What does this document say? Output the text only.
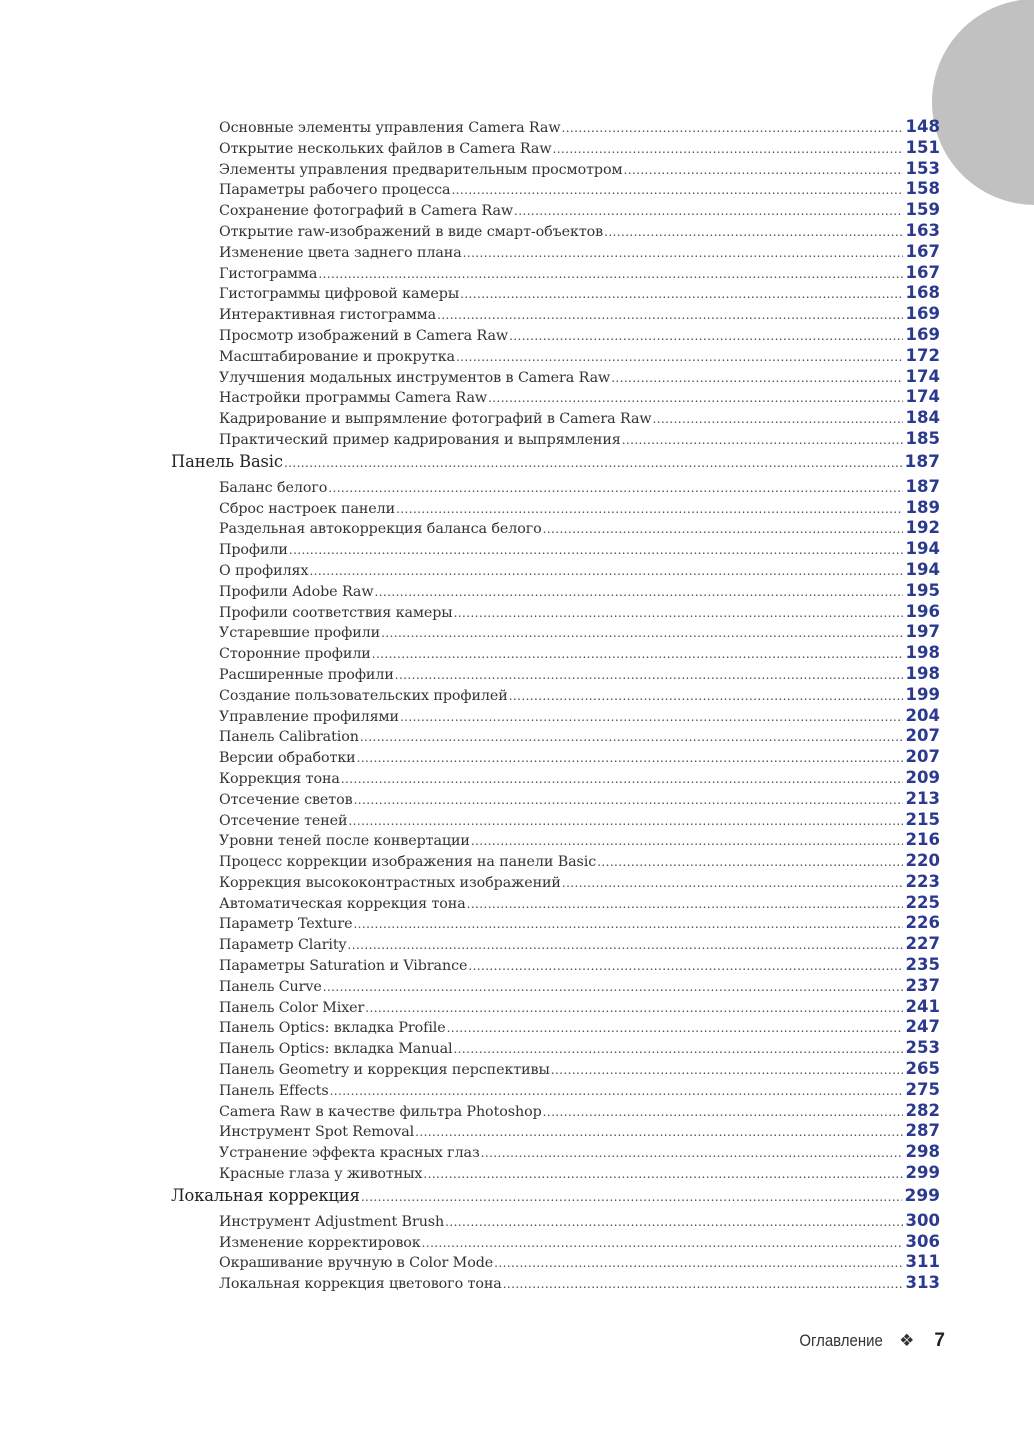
Основные элементы управления Camera Raw .....	148
Открытие нескольких файлов в Camera Raw .....	151
Элементы управления предварительным просмотром .....	153
Параметры рабочего процесса .....	158
Сохранение фотографий в Camera Raw .....	159
Открытие raw-изображений в виде смарт-объектов .....	163
Изменение цвета заднего плана .....	167
Гистограмма .....	167
Гистограммы цифровой камеры .....	168
Интерактивная гистограмма .....	169
Просмотр изображений в Camera Raw .....	169
Масштабирование и прокрутка .....	172
Улучшения модальных инструментов в Camera Raw .....	174
Настройки программы Camera Raw .....	174
Кадрирование и выпрямление фотографий в Camera Raw .....	184
Практический пример кадрирования и выпрямления .....	185
Панель Basic .....	187
Баланс белого .....	187
Сброс настроек панели .....	189
Раздельная автокоррекция баланса белого .....	192
Профили .....	194
О профилях .....	194
Профили Adobe Raw .....	195
Профили соответствия камеры .....	196
Устаревшие профили .....	197
Сторонние профили .....	198
Расширенные профили .....	198
Создание пользовательских профилей .....	199
Управление профилями .....	204
Панель Calibration .....	207
Версии обработки .....	207
Коррекция тона .....	209
Отсечение светов .....	213
Отсечение теней .....	215
Уровни теней после конвертации .....	216
Процесс коррекции изображения на панели Basic .....	220
Коррекция высококонтрастных изображений .....	223
Автоматическая коррекция тона .....	225
Параметр Texture .....	226
Параметр Clarity .....	227
Параметры Saturation и Vibrance .....	235
Панель Curve .....	237
Панель Color Mixer .....	241
Панель Optics: вкладка Profile .....	247
Панель Optics: вкладка Manual .....	253
Панель Geometry и коррекция перспективы .....	265
Панель Effects .....	275
Camera Raw в качестве фильтра Photoshop .....	282
Инструмент Spot Removal .....	287
Устранение эффекта красных глаз .....	298
Красные глаза у животных .....	299
Локальная коррекция .....	299
Инструмент Adjustment Brush .....	300
Изменение корректировок .....	306
Окрашивание вручную в Color Mode .....	311
Локальная коррекция цветового тона .....	313
Оглавление ❖ 7
